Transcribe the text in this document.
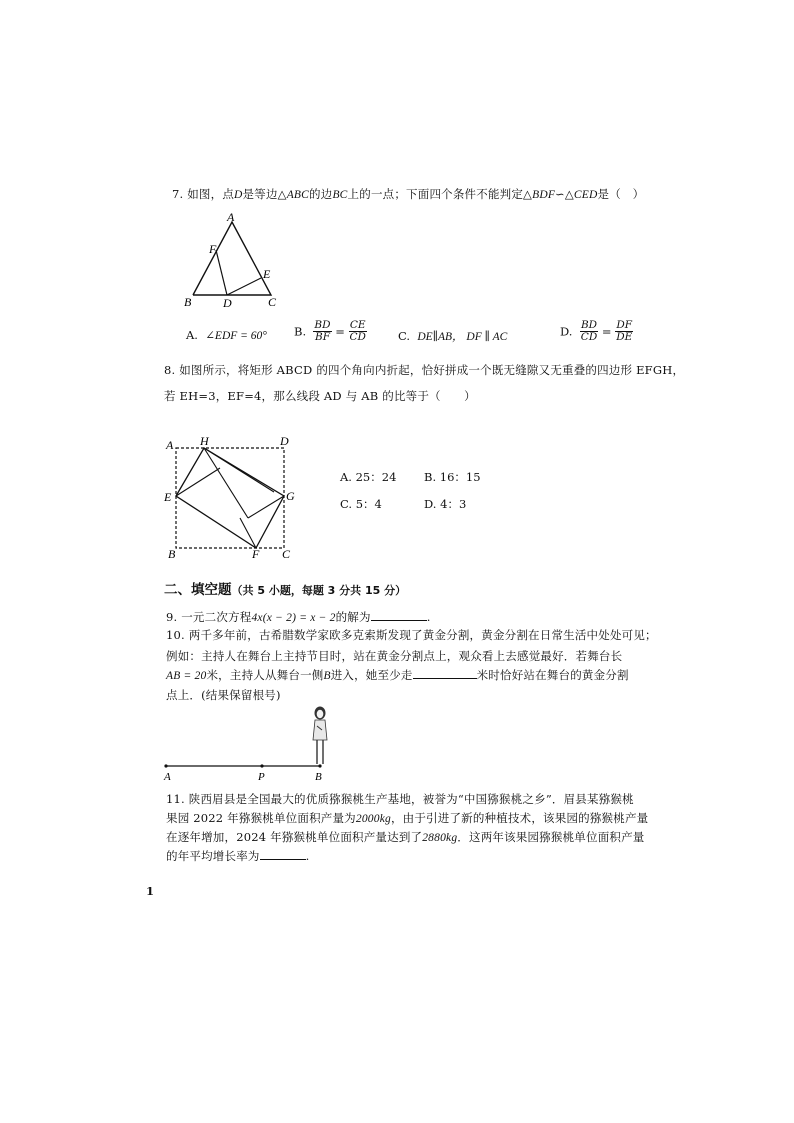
7. 如图，点D是等边△ABC的边BC上的一点；下面四个条件不能判定△BDF∽△CED是（　）
A
F
E
B	D	C
A. ∠EDF = 60° B. $\frac{BD}{BF} = \frac{CE}{CD}$	C. DE∥AB， DF ∥ AC	D. $\frac{BD}{CD} = \frac{DF}{DE}$
8. 如图所示，将矩形 ABCD 的四个角向内折起，恰好拼成一个既无缝隙又无重叠的四边形 EFGH，
若 EH=3，EF=4，那么线段 AD 与 AB 的比等于（　　）
A H	D
E	G
B	F C
A. 25：24 B. 16：15
C. 5：4	D. 4：3
二、填空题（共 5 小题，每题 3 分共 15 分）
9. 一元二次方程4x(x − 2) = x − 2的解为	.
10. 两千多年前，古希腊数学家欧多克索斯发现了黄金分割，黄金分割在日常生活中处处可见；
例如：主持人在舞台上主持节目时，站在黄金分割点上，观众看上去感觉最好．若舞台长
AB = 20米，主持人从舞台一侧B进入，她至少走	米时恰好站在舞台的黄金分割
点上．(结果保留根号)
A	P	B
11. 陕西眉县是全国最大的优质猕猴桃生产基地，被誉为“中国猕猴桃之乡”．眉县某猕猴桃
果园 2022 年猕猴桃单位面积产量为2000kg，由于引进了新的种植技术，该果园的猕猴桃产量
在逐年增加，2024 年猕猴桃单位面积产量达到了2880kg．这两年该果园猕猴桃单位面积产量
的年平均增长率为	.
1
